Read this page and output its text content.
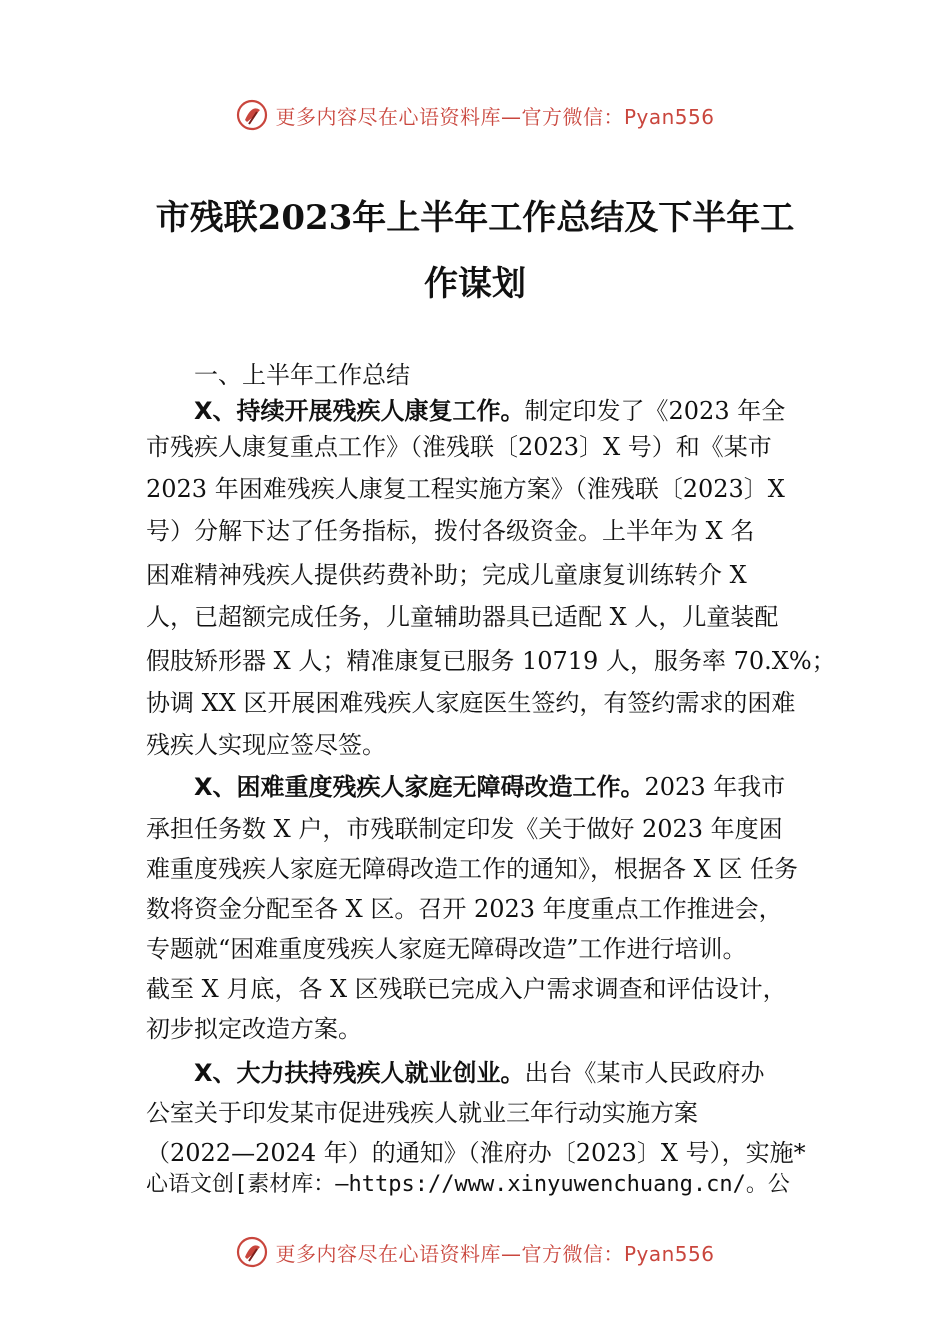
更多内容尽在心语资料库—官方微信：Pyan556
市残联2023年上半年工作总结及下半年工
作谋划
一、上半年工作总结
X、持续开展残疾人康复工作。制定印发了《2023 年全
市残疾人康复重点工作》（淮残联〔2023〕X 号）和《某市
2023 年困难残疾人康复工程实施方案》（淮残联〔2023〕X
号）分解下达了任务指标，拨付各级资金。上半年为 X 名
困难精神残疾人提供药费补助；完成儿童康复训练转介 X
人，已超额完成任务，儿童辅助器具已适配 X 人，儿童装配
假肢矫形器 X 人；精准康复已服务 10719 人，服务率 70.X%；
协调 XX 区开展困难残疾人家庭医生签约，有签约需求的困难
残疾人实现应签尽签。
X、困难重度残疾人家庭无障碍改造工作。2023 年我市
承担任务数 X 户，市残联制定印发《关于做好 2023 年度困
难重度残疾人家庭无障碍改造工作的通知》，根据各 X 区 任务
数将资金分配至各 X 区。召开 2023 年度重点工作推进会，
专题就“困难重度残疾人家庭无障碍改造”工作进行培训。
截至 X 月底，各 X 区残联已完成入户需求调查和评估设计，
初步拟定改造方案。
X、大力扶持残疾人就业创业。出台《某市人民政府办
公室关于印发某市促进残疾人就业三年行动实施方案
（2022—2024 年）的通知》（淮府办〔2023〕X 号），实施*
心语文创[素材库：—https://www.xinyuwenchuang.cn/。公
更多内容尽在心语资料库—官方微信：Pyan556
